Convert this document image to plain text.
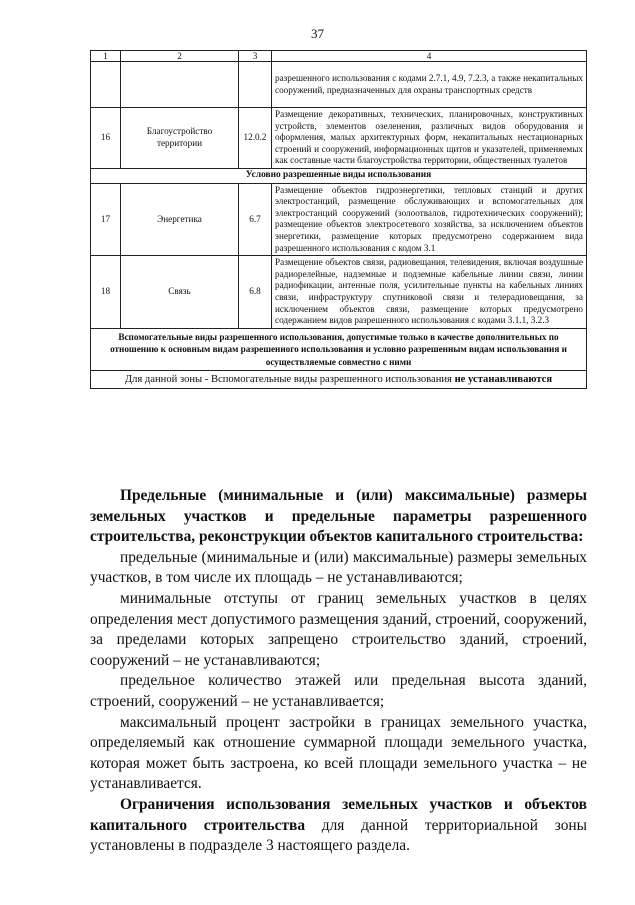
37
1	2	3	4
			разрешенного использования с кодами 2.7.1, 4.9, 7.2.3, а также некапитальных сооружений, предназначенных для охраны транспортных средств
16	Благоустройство территории	12.0.2	Размещение декоративных, технических, планировочных, конструктивных устройств, элементов озеленения, различных видов оборудования и оформления, малых архитектурных форм, некапитальных нестационарных строений и сооружений, информационных щитов и указателей, применяемых как составные части благоустройства территории, общественных туалетов
Условно разрешенные виды использования			
17	Энергетика	6.7	Размещение объектов гидроэнергетики, тепловых станций и других электростанций, размещение обслуживающих и вспомогательных для электростанций сооружений (золоотвалов, гидротехнических сооружений); размещение объектов электросетевого хозяйства, за исключением объектов энергетики, размещение которых предусмотрено содержанием вида разрешенного использования с кодом 3.1
18	Связь	6.8	Размещение объектов связи, радиовещания, телевидения, включая воздушные радиорелейные, надземные и подземные кабельные линии связи, линии радиофикации, антенные поля, усилительные пункты на кабельных линиях связи, инфраструктуру спутниковой связи и телерадиовещания, за исключением объектов связи, размещение которых предусмотрено содержанием видов разрешенного использования с кодами 3.1.1, 3.2.3
Вспомогательные виды разрешенного использования, допустимые только в качестве дополнительных по отношению к основным видам разрешенного использования и условно разрешенным видам использования и осуществляемые совместно с ними			
Для данной зоны - Вспомогательные виды разрешенного использования не устанавливаются			

Предельные (минимальные и (или) максимальные) размеры земельных участков и предельные параметры разрешенного строительства, реконструкции объектов капитального строительства:

предельные (минимальные и (или) максимальные) размеры земельных участков, в том числе их площадь – не устанавливаются;

минимальные отступы от границ земельных участков в целях определения мест допустимого размещения зданий, строений, сооружений, за пределами которых запрещено строительство зданий, строений, сооружений – не устанавливаются;

предельное количество этажей или предельная высота зданий, строений, сооружений – не устанавливается;

максимальный процент застройки в границах земельного участка, определяемый как отношение суммарной площади земельного участка, которая может быть застроена, ко всей площади земельного участка – не устанавливается.

Ограничения использования земельных участков и объектов капитального строительства для данной территориальной зоны установлены в подразделе 3 настоящего раздела.
